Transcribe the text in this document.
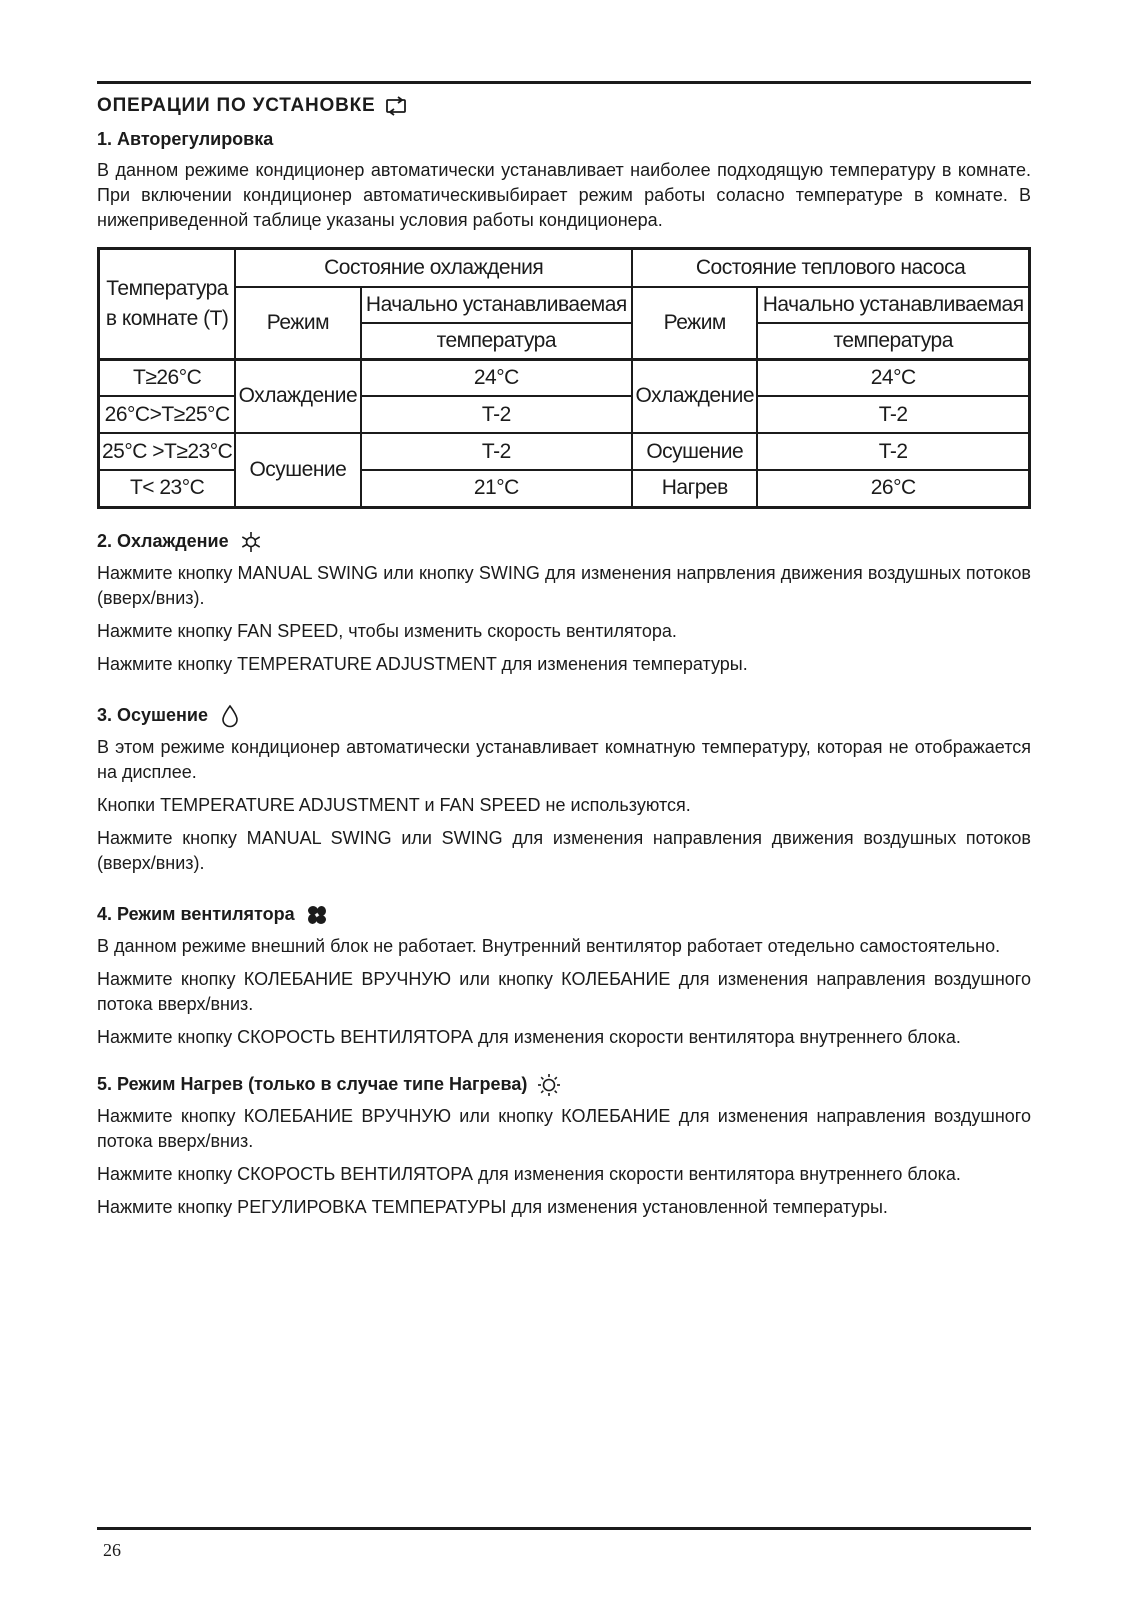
ОПЕРАЦИИ ПО УСТАНОВКЕ
1. Авторегулировка

В данном режиме кондиционер автоматически устанавливает наиболее подходящую температуру в комнате. При включении кондиционер автоматическивыбирает режим работы соласно температуре в комнате. В нижеприведенной таблице указаны условия работы кондиционера.

Температура в комнате (T)	Состояние охлаждения		Состояние теплового насоса	
	Режим	Начально устанавливаемая	Режим	Начально устанавливаемая
		температура		температура
T≥26°C	Охлаждение	24°C	Охлаждение	24°C
26°C>T≥25°C		T-2		T-2
25°C >T≥23°C	Осушение	T-2	Осушение	T-2
T< 23°C		21°C	Нагрев	26°C
2. Охлаждение

Нажмите кнопку MANUAL SWING или кнопку SWING для изменения напрвления движения воздушных потоков (вверх/вниз).

Нажмите кнопку FAN SPEED, чтобы изменить скорость вентилятора.

Нажмите кнопку TEMPERATURE ADJUSTMENT для изменения температуры.

3. Осушение

В этом режиме кондиционер автоматически устанавливает комнатную температуру, которая не отображается на дисплее.

Кнопки TEMPERATURE ADJUSTMENT и FAN SPEED не используются.

Нажмите кнопку MANUAL SWING или SWING для изменения направления движения воздушных потоков (вверх/вниз).

4. Режим вентилятора

В данном режиме внешний блок не работает. Внутренний вентилятор работает отедельно самостоятельно.

Нажмите кнопку КОЛЕБАНИЕ ВРУЧНУЮ или кнопку КОЛЕБАНИЕ для изменения направления воздушного потока вверх/вниз.

Нажмите кнопку СКОРОСТЬ ВЕНТИЛЯТОРА для изменения скорости вентилятора внутреннего блока.

5. Режим Нагрев (только в случае типе Нагрева)

Нажмите кнопку КОЛЕБАНИЕ ВРУЧНУЮ или кнопку КОЛЕБАНИЕ для изменения направления воздушного потока вверх/вниз.

Нажмите кнопку СКОРОСТЬ ВЕНТИЛЯТОРА для изменения скорости вентилятора внутреннего блока.

Нажмите кнопку РЕГУЛИРОВКА ТЕМПЕРАТУРЫ для изменения установленной температуры.

26
